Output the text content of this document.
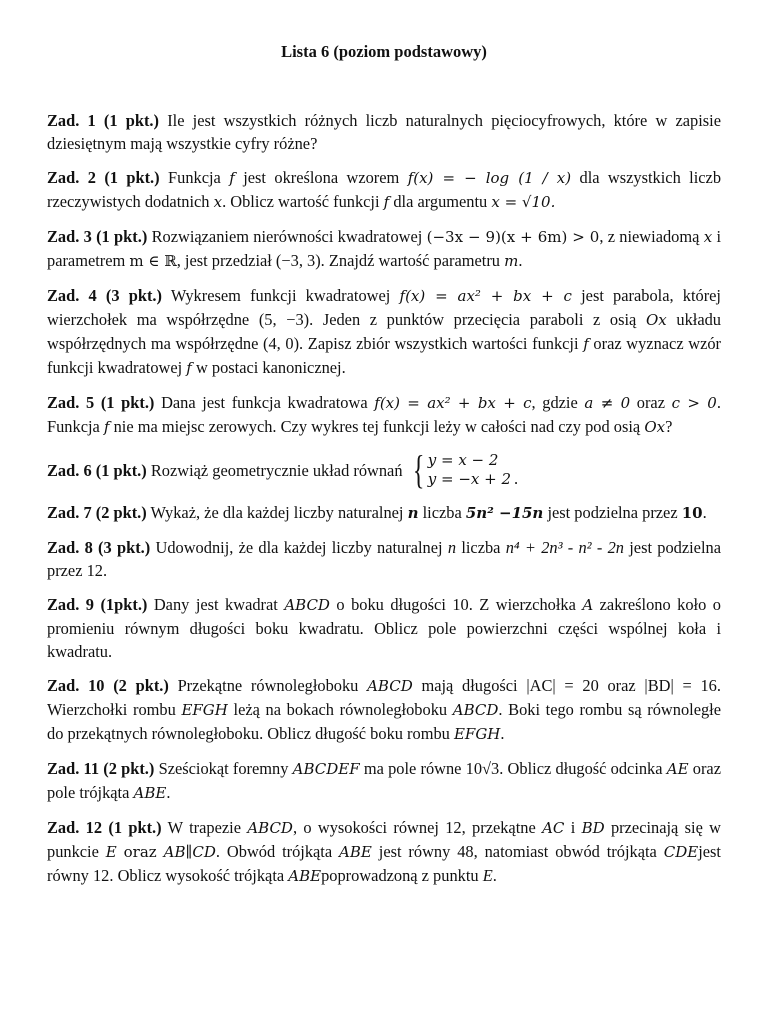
Lista 6 (poziom podstawowy)

Zad. 1 (1 pkt.) Ile jest wszystkich różnych liczb naturalnych pięciocyfrowych, które w zapisie dziesiętnym mają wszystkie cyfry różne?

Zad. 2 (1 pkt.) Funkcja f jest określona wzorem f(x) = − log (1 / x) dla wszystkich liczb rzeczywistych dodatnich x. Oblicz wartość funkcji f dla argumentu x = √10.

Zad. 3 (1 pkt.) Rozwiązaniem nierówności kwadratowej (−3x − 9)(x + 6m) > 0, z niewiadomą x i parametrem m ∈ ℝ, jest przedział (−3, 3). Znajdź wartość parametru m.

Zad. 4 (3 pkt.) Wykresem funkcji kwadratowej f(x) = ax² + bx + c jest parabola, której wierzchołek ma współrzędne (5, −3). Jeden z punktów przecięcia paraboli z osią Ox układu współrzędnych ma współrzędne (4, 0). Zapisz zbiór wszystkich wartości funkcji f oraz wyznacz wzór funkcji kwadratowej f w postaci kanonicznej.

Zad. 5 (1 pkt.) Dana jest funkcja kwadratowa f(x) = ax² + bx + c, gdzie a ≠ 0 oraz c > 0. Funkcja f nie ma miejsc zerowych. Czy wykres tej funkcji leży w całości nad czy pod osią Ox?

Zad. 6 (1 pkt.) Rozwiąż geometrycznie układ równań { y = x − 2
y = −x + 2 .

Zad. 7 (2 pkt.) Wykaż, że dla każdej liczby naturalnej n liczba 5n² −15n jest podzielna przez 10.

Zad. 8 (3 pkt.) Udowodnij, że dla każdej liczby naturalnej n liczba n⁴ + 2n³ - n² - 2n jest podzielna przez 12.

Zad. 9 (1pkt.) Dany jest kwadrat ABCD o boku długości 10. Z wierzchołka A zakreślono koło o promieniu równym długości boku kwadratu. Oblicz pole powierzchni części wspólnej koła i kwadratu.

Zad. 10 (2 pkt.) Przekątne równoległoboku ABCD mają długości |AC| = 20 oraz |BD| = 16. Wierzchołki rombu EFGH leżą na bokach równoległoboku ABCD. Boki tego rombu są równoległe do przekątnych równoległoboku. Oblicz długość boku rombu EFGH.

Zad. 11 (2 pkt.) Sześciokąt foremny ABCDEF ma pole równe 10√3. Oblicz długość odcinka AE oraz pole trójkąta ABE.

Zad. 12 (1 pkt.) W trapezie ABCD, o wysokości równej 12, przekątne AC i BD przecinają się w punkcie E oraz AB∥CD. Obwód trójkąta ABE jest równy 48, natomiast obwód trójkąta CDEjest równy 12. Oblicz wysokość trójkąta ABEpoprowadzoną z punktu E.
